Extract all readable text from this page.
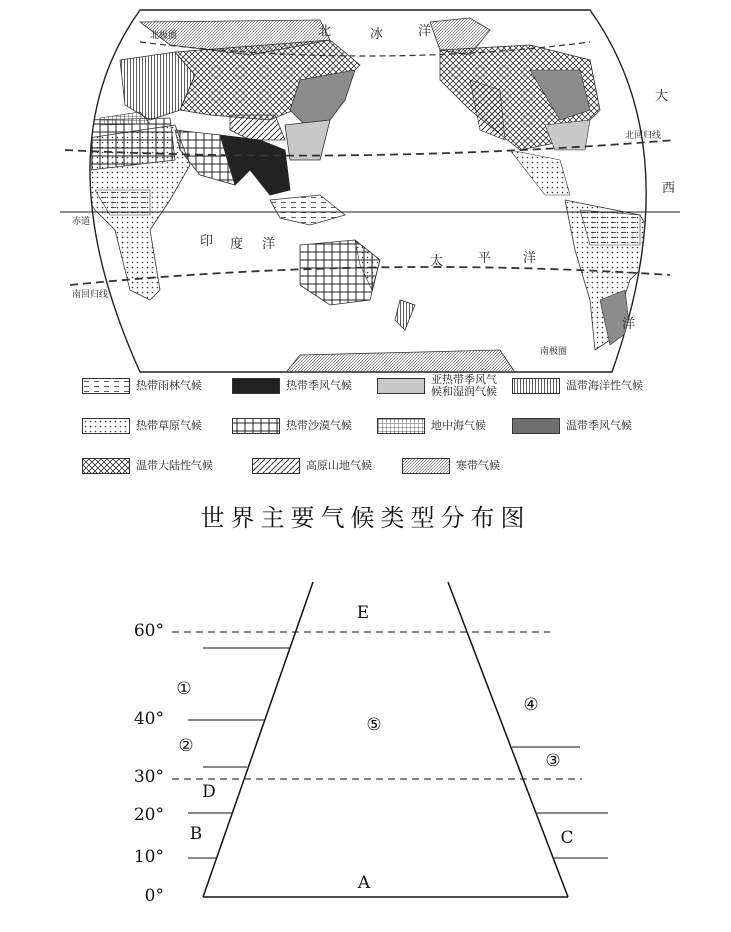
北极圈
北回归线
赤道
南回归线
南极圈
北	冰	洋
印 度 洋
太	平 洋
大
西
洋
热带雨林气候	热带季风气候	亚热带季风气
候和湿润气候	温带海洋性气候
热带草原气候	热带沙漠气候	地中海气候	温带季风气候
温带大陆性气候	高原山地气候	寒带气候
世界主要气候类型分布图
60°
40°
30°
20°
10°
0°
E
A
B	C
D
①
②
③
④
⑤
